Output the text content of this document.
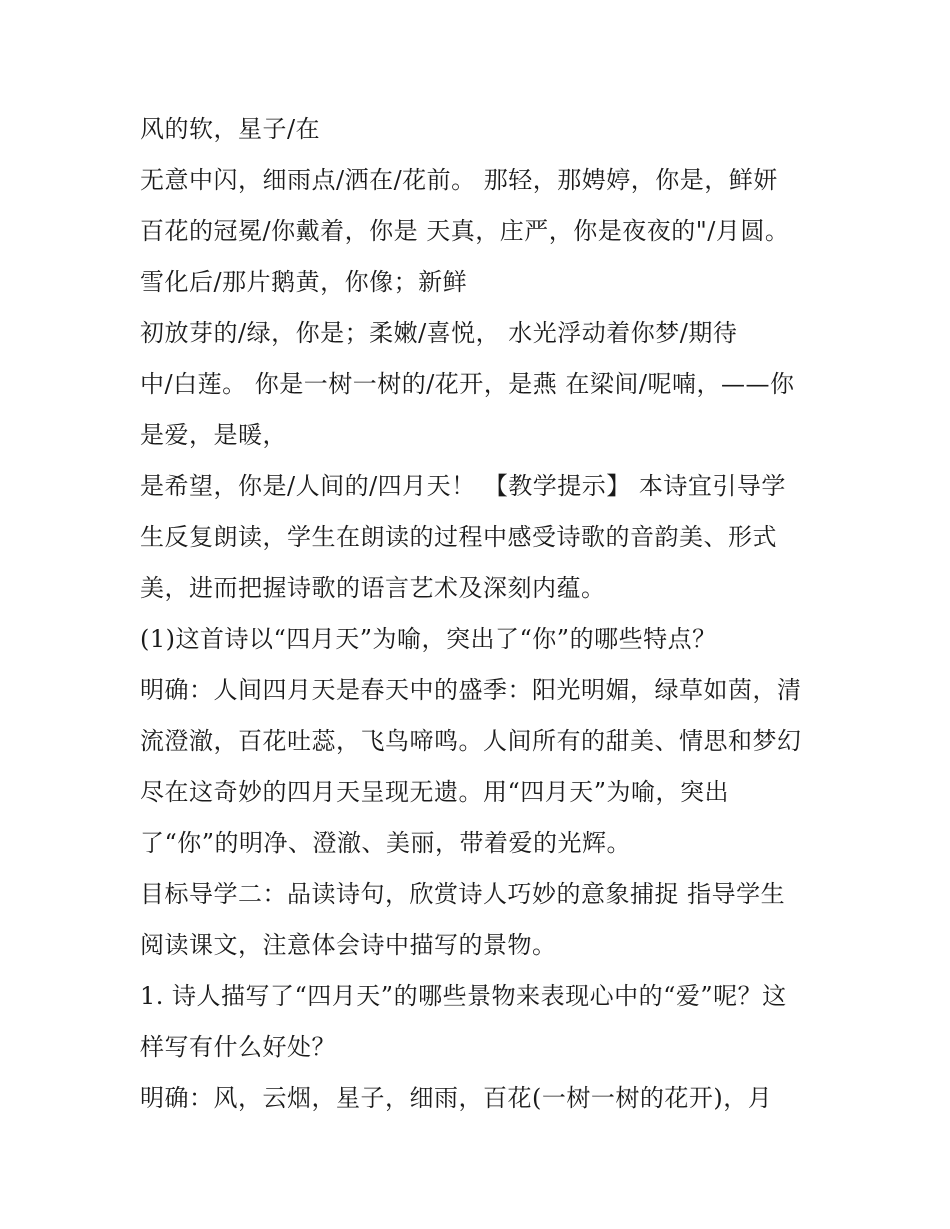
风的软，星子/在
无意中闪，细雨点/洒在/花前。 那轻，那娉婷，你是，鲜妍
百花的冠冕/你戴着，你是 天真，庄严，你是夜夜的"/月圆。
雪化后/那片鹅黄，你像；新鲜
初放芽的/绿，你是；柔嫩/喜悦， 水光浮动着你梦/期待
中/白莲。 你是一树一树的/花开，是燕 在梁间/呢喃，——你
是爱，是暖，
是希望，你是/人间的/四月天！ 【教学提示】 本诗宜引导学
生反复朗读，学生在朗读的过程中感受诗歌的音韵美、形式
美，进而把握诗歌的语言艺术及深刻内蕴。
(1)这首诗以“四月天”为喻，突出了“你”的哪些特点？
明确：人间四月天是春天中的盛季：阳光明媚，绿草如茵，清
流澄澈，百花吐蕊，飞鸟啼鸣。人间所有的甜美、情思和梦幻
尽在这奇妙的四月天呈现无遗。用“四月天”为喻，突出
了“你”的明净、澄澈、美丽，带着爱的光辉。
目标导学二：品读诗句，欣赏诗人巧妙的意象捕捉 指导学生
阅读课文，注意体会诗中描写的景物。
1. 诗人描写了“四月天”的哪些景物来表现心中的“爱”呢？这
样写有什么好处？
明确：风，云烟，星子，细雨，百花(一树一树的花开)，月
